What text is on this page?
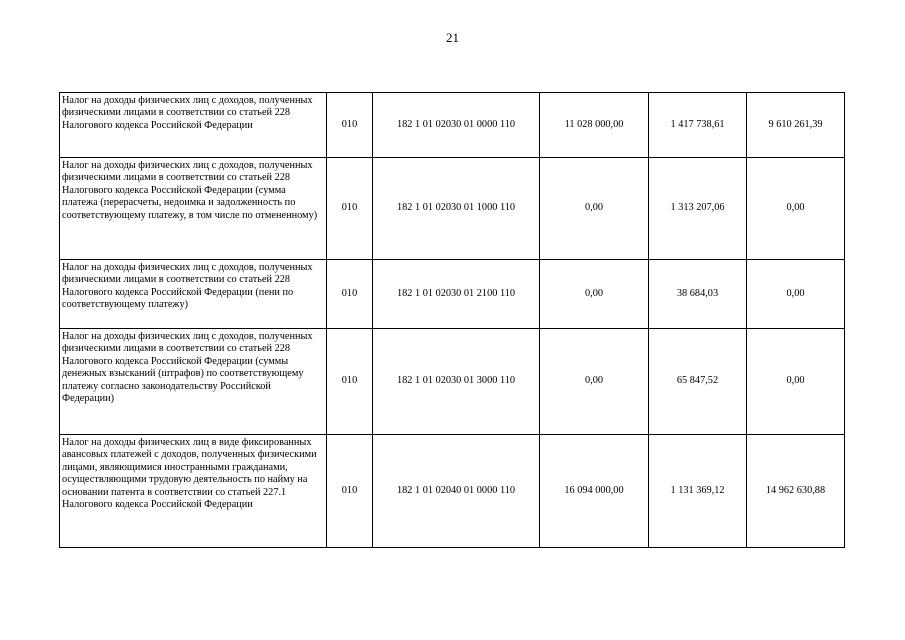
21
Налог на доходы физических лиц с доходов, полученных физическими лицами в соответствии со статьей 228 Налогового кодекса Российской Федерации	010	182 1 01 02030 01 0000 110	11 028 000,00	1 417 738,61	9 610 261,39
Налог на доходы физических лиц с доходов, полученных физическими лицами в соответствии со статьей 228 Налогового кодекса Российской Федерации (сумма платежа (перерасчеты, недоимка и задолженность по соответствующему платежу, в том числе по отмененному)	010	182 1 01 02030 01 1000 110	0,00	1 313 207,06	0,00
Налог на доходы физических лиц с доходов, полученных физическими лицами в соответствии со статьей 228 Налогового кодекса Российской Федерации (пени по соответствующему платежу)	010	182 1 01 02030 01 2100 110	0,00	38 684,03	0,00
Налог на доходы физических лиц с доходов, полученных физическими лицами в соответствии со статьей 228 Налогового кодекса Российской Федерации (суммы денежных взысканий (штрафов) по соответствующему платежу согласно законодательству Российской Федерации)	010	182 1 01 02030 01 3000 110	0,00	65 847,52	0,00
Налог на доходы физических лиц в виде фиксированных авансовых платежей с доходов, полученных физическими лицами, являющимися иностранными гражданами, осуществляющими трудовую деятельность по найму на основании патента в соответствии со статьей 227.1 Налогового кодекса Российской Федерации	010	182 1 01 02040 01 0000 110	16 094 000,00	1 131 369,12	14 962 630,88
